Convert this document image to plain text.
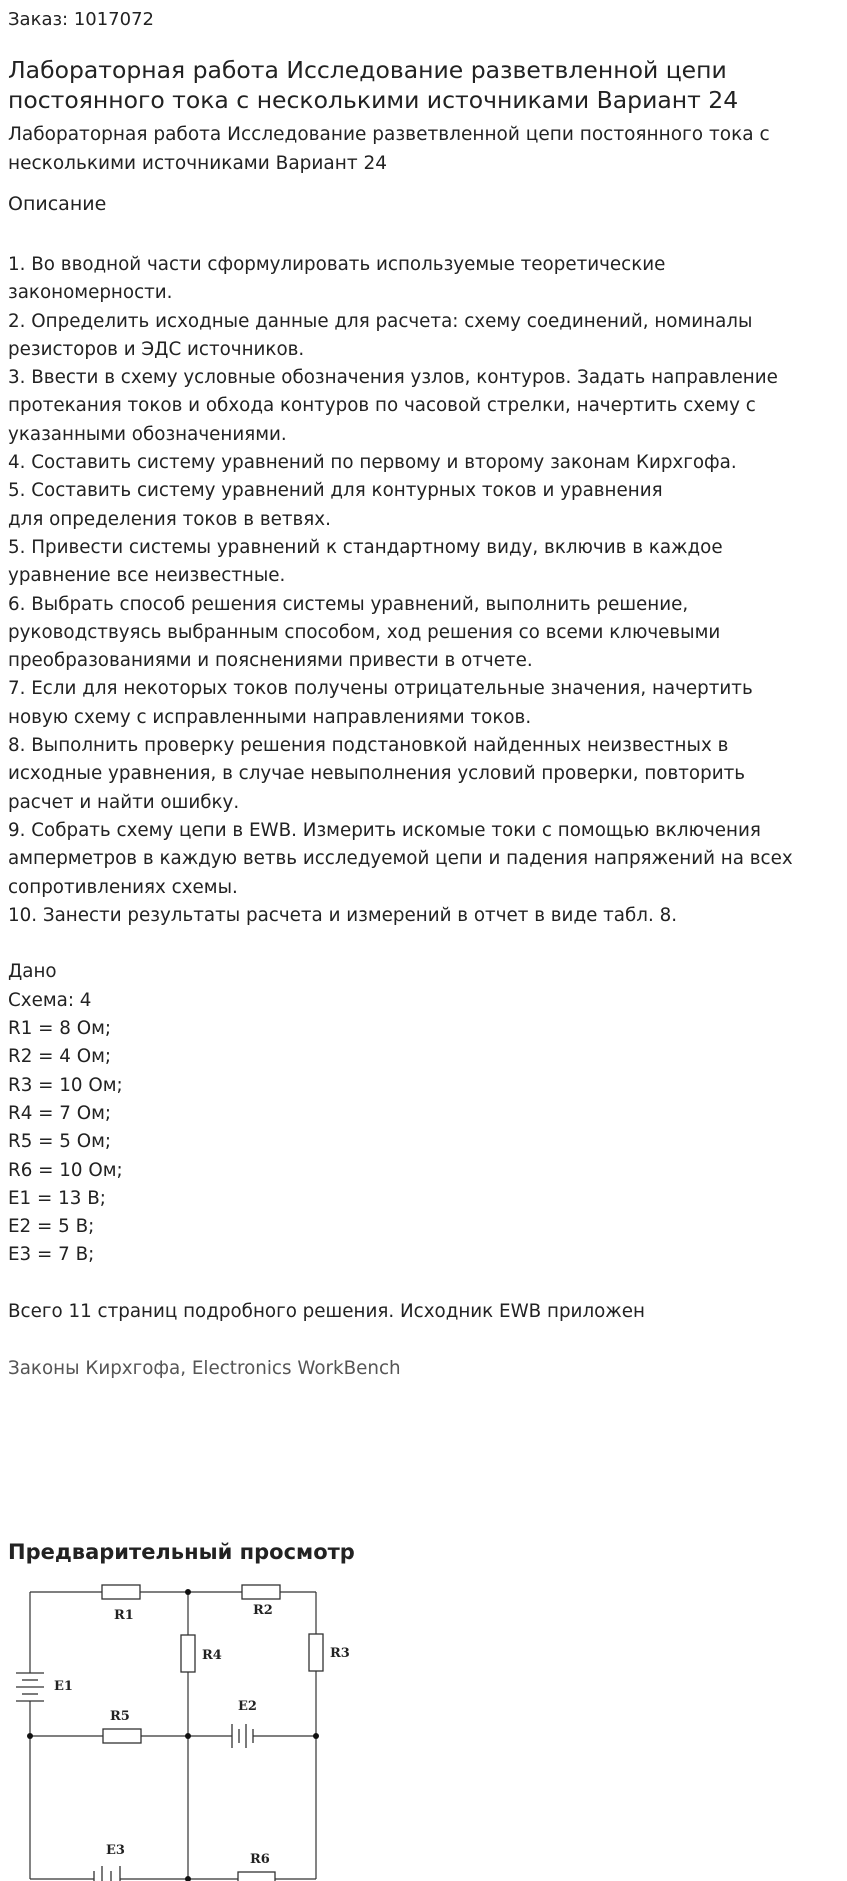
Заказ: 1017072
Лабораторная работа Исследование разветвленной цепи постоянного тока с несколькими источниками Вариант 24
Лабораторная работа Исследование разветвленной цепи постоянного тока с несколькими источниками Вариант 24
Описание
1. Во вводной части сформулировать используемые теоретические
закономерности.
2. Определить исходные данные для расчета: схему соединений, номиналы
резисторов и ЭДС источников.
3. Ввести в схему условные обозначения узлов, контуров. Задать направление
протекания токов и обхода контуров по часовой стрелки, начертить схему с
указанными обозначениями.
4. Составить систему уравнений по первому и второму законам Кирхгофа.
5. Составить систему уравнений для контурных токов и уравнения
для определения токов в ветвях.
5. Привести системы уравнений к стандартному виду, включив в каждое
уравнение все неизвестные.
6. Выбрать способ решения системы уравнений, выполнить решение,
руководствуясь выбранным способом, ход решения со всеми ключевыми
преобразованиями и пояснениями привести в отчете.
7. Если для некоторых токов получены отрицательные значения, начертить
новую схему с исправленными направлениями токов.
8. Выполнить проверку решения подстановкой найденных неизвестных в
исходные уравнения, в случае невыполнения условий проверки, повторить
расчет и найти ошибку.
9. Собрать схему цепи в EWB. Измерить искомые токи с помощью включения
амперметров в каждую ветвь исследуемой цепи и падения напряжений на всех
сопротивлениях схемы.
10. Занести результаты расчета и измерений в отчет в виде табл. 8.
Дано
Схема: 4
R1 = 8 Ом;
R2 = 4 Ом;
R3 = 10 Ом;
R4 = 7 Ом;
R5 = 5 Ом;
R6 = 10 Ом;
E1 = 13 В;
E2 = 5 В;
E3 = 7 В;
Всего 11 страниц подробного решения. Исходник EWB приложен
Законы Кирхгофа, Electronics WorkBench
Предварительный просмотр
R1	R2
R4	R3
E1
R5
E2
E3
R6
